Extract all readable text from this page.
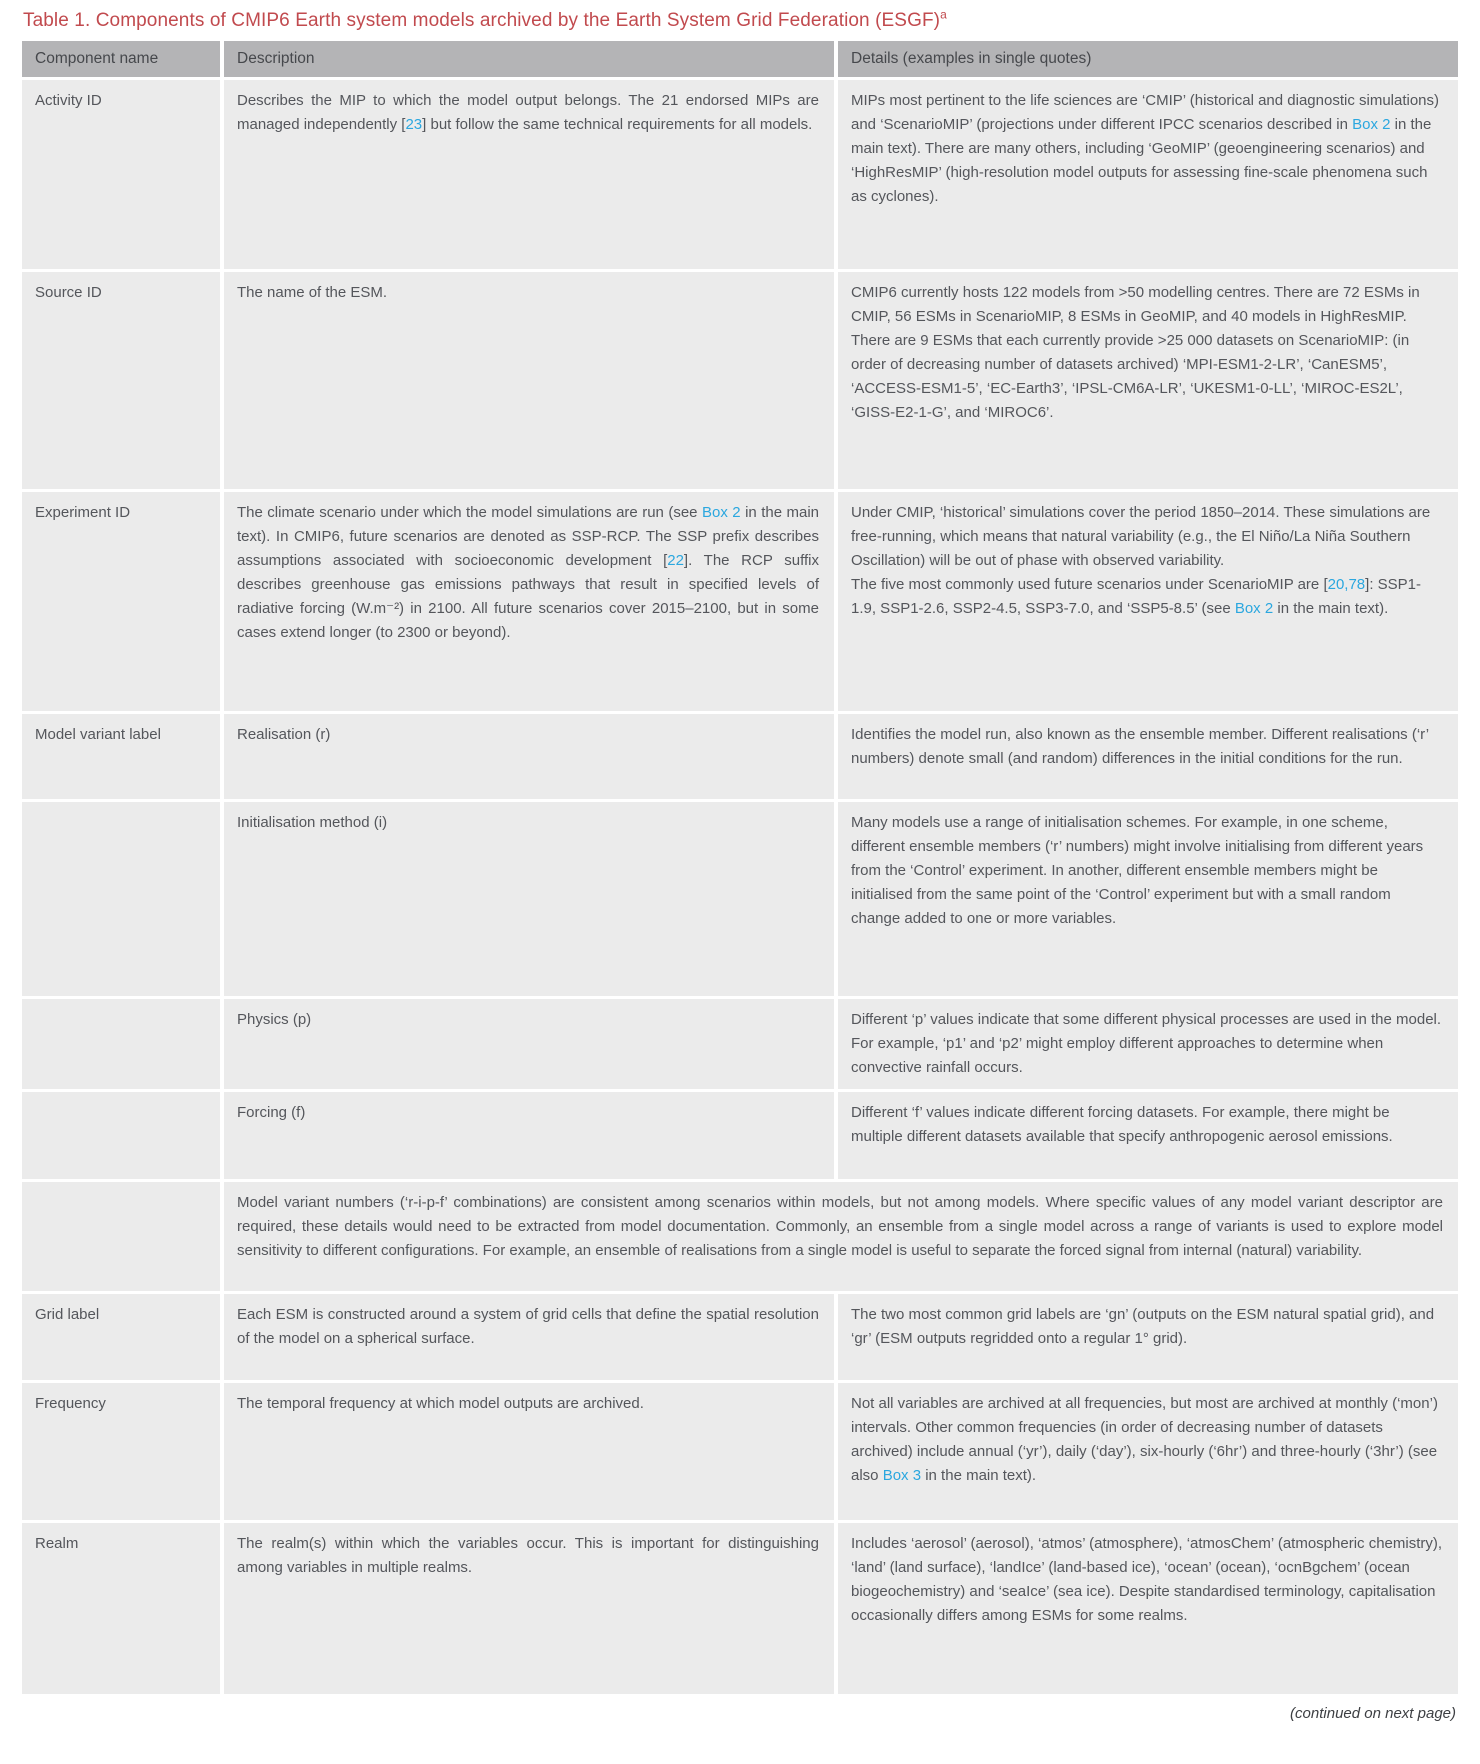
Table 1. Components of CMIP6 Earth system models archived by the Earth System Grid Federation (ESGF)$^a$
Component name	Description	Details (examples in single quotes)
Activity ID	Describes the MIP to which the model output belongs. The 21 endorsed MIPs are managed independently [23] but follow the same technical requirements for all models.	MIPs most pertinent to the life sciences are ‘CMIP’ (historical and diagnostic simulations) and ‘ScenarioMIP’ (projections under different IPCC scenarios described in Box 2 in the main text). There are many others, including ‘GeoMIP’ (geoengineering scenarios) and ‘HighResMIP’ (high-resolution model outputs for assessing fine-scale phenomena such as cyclones).
Source ID	The name of the ESM.	CMIP6 currently hosts 122 models from >50 modelling centres. There are 72 ESMs in CMIP, 56 ESMs in ScenarioMIP, 8 ESMs in GeoMIP, and 40 models in HighResMIP. There are 9 ESMs that each currently provide >25 000 datasets on ScenarioMIP: (in order of decreasing number of datasets archived) ‘MPI-ESM1-2-LR’, ‘CanESM5’, ‘ACCESS-ESM1-5’, ‘EC-Earth3’, ‘IPSL-CM6A-LR’, ‘UKESM1-0-LL’, ‘MIROC-ES2L’, ‘GISS-E2-1-G’, and ‘MIROC6’.
Experiment ID	The climate scenario under which the model simulations are run (see Box 2 in the main text). In CMIP6, future scenarios are denoted as SSP-RCP. The SSP prefix describes assumptions associated with socioeconomic development [22]. The RCP suffix describes greenhouse gas emissions pathways that result in specified levels of radiative forcing (W.m⁻²) in 2100. All future scenarios cover 2015–2100, but in some cases extend longer (to 2300 or beyond).	Under CMIP, ‘historical’ simulations cover the period 1850–2014. These simulations are free-running, which means that natural variability (e.g., the El Niño/La Niña Southern Oscillation) will be out of phase with observed variability.
The five most commonly used future scenarios under ScenarioMIP are [20,78]: SSP1-1.9, SSP1-2.6, SSP2-4.5, SSP3-7.0, and ‘SSP5-8.5’ (see Box 2 in the main text).
Model variant label	Realisation (r)	Identifies the model run, also known as the ensemble member. Different realisations (‘r’ numbers) denote small (and random) differences in the initial conditions for the run.
	Initialisation method (i)	Many models use a range of initialisation schemes. For example, in one scheme, different ensemble members (‘r’ numbers) might involve initialising from different years from the ‘Control’ experiment. In another, different ensemble members might be initialised from the same point of the ‘Control’ experiment but with a small random change added to one or more variables.
	Physics (p)	Different ‘p’ values indicate that some different physical processes are used in the model. For example, ‘p1’ and ‘p2’ might employ different approaches to determine when convective rainfall occurs.
	Forcing (f)	Different ‘f’ values indicate different forcing datasets. For example, there might be multiple different datasets available that specify anthropogenic aerosol emissions.
	Model variant numbers (‘r-i-p-f’ combinations) are consistent among scenarios within models, but not among models. Where specific values of any model variant descriptor are required, these details would need to be extracted from model documentation. Commonly, an ensemble from a single model across a range of variants is used to explore model sensitivity to different configurations. For example, an ensemble of realisations from a single model is useful to separate the forced signal from internal (natural) variability.	
Grid label	Each ESM is constructed around a system of grid cells that define the spatial resolution of the model on a spherical surface.	The two most common grid labels are ‘gn’ (outputs on the ESM natural spatial grid), and ‘gr’ (ESM outputs regridded onto a regular 1° grid).
Frequency	The temporal frequency at which model outputs are archived.	Not all variables are archived at all frequencies, but most are archived at monthly (‘mon’) intervals. Other common frequencies (in order of decreasing number of datasets archived) include annual (‘yr’), daily (‘day’), six-hourly (‘6hr’) and three-hourly (‘3hr’) (see also Box 3 in the main text).
Realm	The realm(s) within which the variables occur. This is important for distinguishing among variables in multiple realms.	Includes ‘aerosol’ (aerosol), ‘atmos’ (atmosphere), ‘atmosChem’ (atmospheric chemistry), ‘land’ (land surface), ‘landIce’ (land-based ice), ‘ocean’ (ocean), ‘ocnBgchem’ (ocean biogeochemistry) and ‘seaIce’ (sea ice). Despite standardised terminology, capitalisation occasionally differs among ESMs for some realms.
(continued on next page)
